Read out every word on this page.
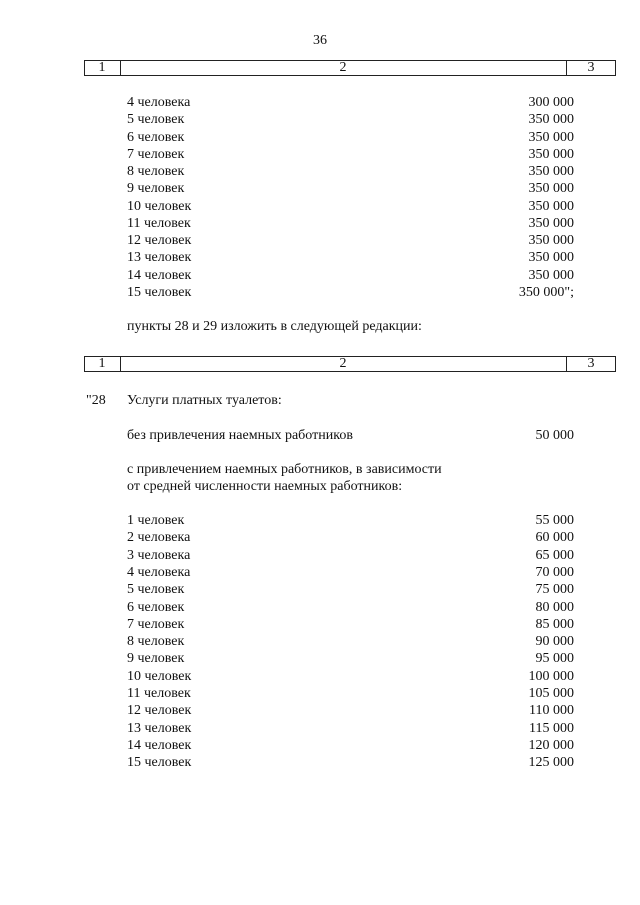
36
1	2	3
4 человека	300 000
5 человек	350 000
6 человек	350 000
7 человек	350 000
8 человек	350 000
9 человек	350 000
10 человек	350 000
11 человек	350 000
12 человек	350 000
13 человек	350 000
14 человек	350 000
15 человек	350 000";
пункты 28 и 29 изложить в следующей редакции:
1	2	3
"28 Услуги платных туалетов:
без привлечения наемных работников	50 000
с привлечением наемных работников, в зависимости
от средней численности наемных работников:
1 человек	55 000
2 человека	60 000
3 человека	65 000
4 человека	70 000
5 человек	75 000
6 человек	80 000
7 человек	85 000
8 человек	90 000
9 человек	95 000
10 человек	100 000
11 человек	105 000
12 человек	110 000
13 человек	115 000
14 человек	120 000
15 человек	125 000
